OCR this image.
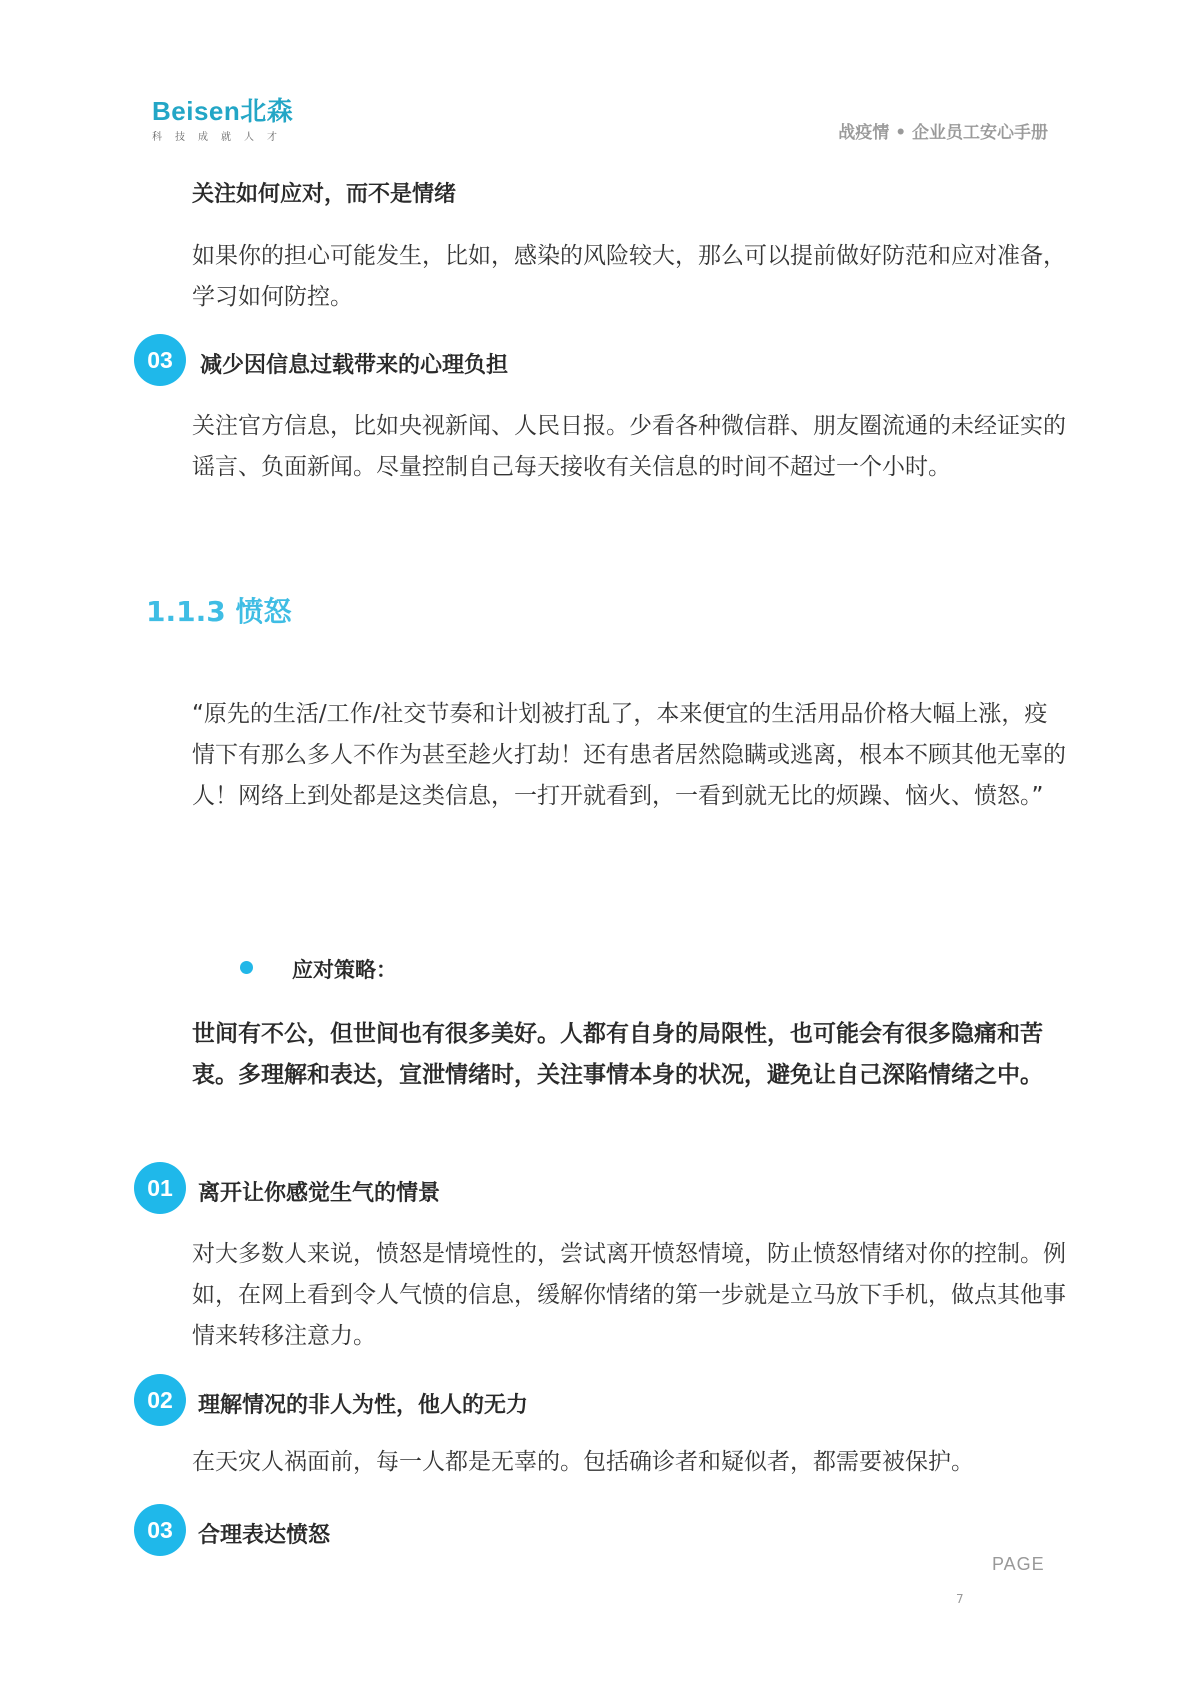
Beisen北森
科技成就人才	战疫情 • 企业员工安心手册
关注如何应对，而不是情绪
如果你的担心可能发生，比如，感染的风险较大，那么可以提前做好防范和应对准备，学习如何防控。
03	减少因信息过载带来的心理负担
关注官方信息，比如央视新闻、人民日报。少看各种微信群、朋友圈流通的未经证实的谣言、负面新闻。尽量控制自己每天接收有关信息的时间不超过一个小时。
1.1.3 愤怒
“原先的生活/工作/社交节奏和计划被打乱了，本来便宜的生活用品价格大幅上涨，疫情下有那么多人不作为甚至趁火打劫！还有患者居然隐瞒或逃离，根本不顾其他无辜的人！网络上到处都是这类信息，一打开就看到，一看到就无比的烦躁、恼火、愤怒。”
应对策略：
世间有不公，但世间也有很多美好。人都有自身的局限性，也可能会有很多隐痛和苦衷。多理解和表达，宣泄情绪时，关注事情本身的状况，避免让自己深陷情绪之中。
01	离开让你感觉生气的情景
对大多数人来说，愤怒是情境性的，尝试离开愤怒情境，防止愤怒情绪对你的控制。例如，在网上看到令人气愤的信息，缓解你情绪的第一步就是立马放下手机，做点其他事情来转移注意力。
02	理解情况的非人为性，他人的无力
在天灾人祸面前，每一人都是无辜的。包括确诊者和疑似者，都需要被保护。
03	合理表达愤怒
PAGE
7
